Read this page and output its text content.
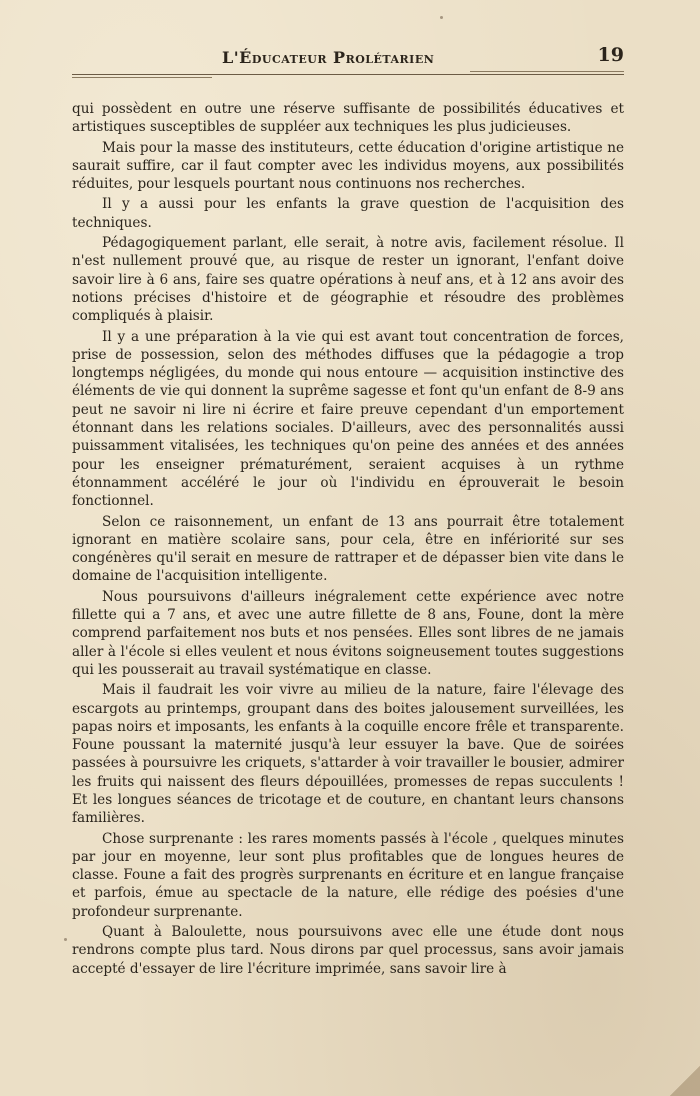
L'Éducateur Prolétarien	19

qui possèdent en outre une réserve suffisante de possibilités éducatives et artistiques susceptibles de suppléer aux techniques les plus judicieuses.

Mais pour la masse des instituteurs, cette éducation d'origine artistique ne saurait suffire, car il faut compter avec les individus moyens, aux possibilités réduites, pour lesquels pourtant nous continuons nos recherches.

Il y a aussi pour les enfants la grave question de l'acquisition des techniques.

Pédagogiquement parlant, elle serait, à notre avis, facilement résolue. Il n'est nullement prouvé que, au risque de rester un ignorant, l'enfant doive savoir lire à 6 ans, faire ses quatre opérations à neuf ans, et à 12 ans avoir des notions précises d'histoire et de géographie et résoudre des problèmes compliqués à plaisir.

Il y a une préparation à la vie qui est avant tout concentration de forces, prise de possession, selon des méthodes diffuses que la pédagogie a trop longtemps négligées, du monde qui nous entoure — acquisition instinctive des éléments de vie qui donnent la suprême sagesse et font qu'un enfant de 8-9 ans peut ne savoir ni lire ni écrire et faire preuve cependant d'un emportement étonnant dans les relations sociales. D'ailleurs, avec des personnalités aussi puissamment vitalisées, les techniques qu'on peine des années et des années pour les enseigner prématurément, seraient acquises à un rythme étonnamment accéléré le jour où l'individu en éprouverait le besoin fonctionnel.

Selon ce raisonnement, un enfant de 13 ans pourrait être totalement ignorant en matière scolaire sans, pour cela, être en infériorité sur ses congénères qu'il serait en mesure de rattraper et de dépasser bien vite dans le domaine de l'acquisition intelligente.

Nous poursuivons d'ailleurs inégralement cette expérience avec notre fillette qui a 7 ans, et avec une autre fillette de 8 ans, Foune, dont la mère comprend parfaitement nos buts et nos pensées. Elles sont libres de ne jamais aller à l'école si elles veulent et nous évitons soigneusement toutes suggestions qui les pousserait au travail systématique en classe.

Mais il faudrait les voir vivre au milieu de la nature, faire l'élevage des escargots au printemps, groupant dans des boites jalousement surveillées, les papas noirs et imposants, les enfants à la coquille encore frêle et transparente. Foune poussant la maternité jusqu'à leur essuyer la bave. Que de soirées passées à poursuivre les criquets, s'attarder à voir travailler le bousier, admirer les fruits qui naissent des fleurs dépouillées, promesses de repas succulents ! Et les longues séances de tricotage et de couture, en chantant leurs chansons familières.

Chose surprenante : les rares moments passés à l'école , quelques minutes par jour en moyenne, leur sont plus profitables que de longues heures de classe. Foune a fait des progrès surprenants en écriture et en langue française et parfois, émue au spectacle de la nature, elle rédige des poésies d'une profondeur surprenante.

Quant à Baloulette, nous poursuivons avec elle une étude dont nous rendrons compte plus tard. Nous dirons par quel processus, sans avoir jamais accepté d'essayer de lire l'écriture imprimée, sans savoir lire à
